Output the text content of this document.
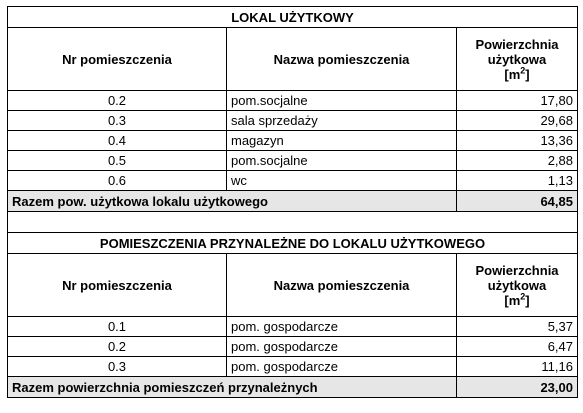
LOKAL UŻYTKOWY		
Nr pomieszczenia	Nazwa pomieszczenia	Powierzchnia
użytkowa
$[m^2]$
0.2	pom.socjalne	17,80
0.3	sala sprzedaży	29,68
0.4	magazyn	13,36
0.5	pom.socjalne	2,88
0.6	wc	1,13
Razem pow. użytkowa lokalu użytkowego		64,85

POMIESZCZENIA PRZYNALEŻNE DO LOKALU UŻYTKOWEGO		
Nr pomieszczenia	Nazwa pomieszczenia	Powierzchnia
użytkowa
$[m^2]$
0.1	pom. gospodarcze	5,37
0.2	pom. gospodarcze	6,47
0.3	pom. gospodarcze	11,16
Razem powierzchnia pomieszczeń przynależnych		23,00
